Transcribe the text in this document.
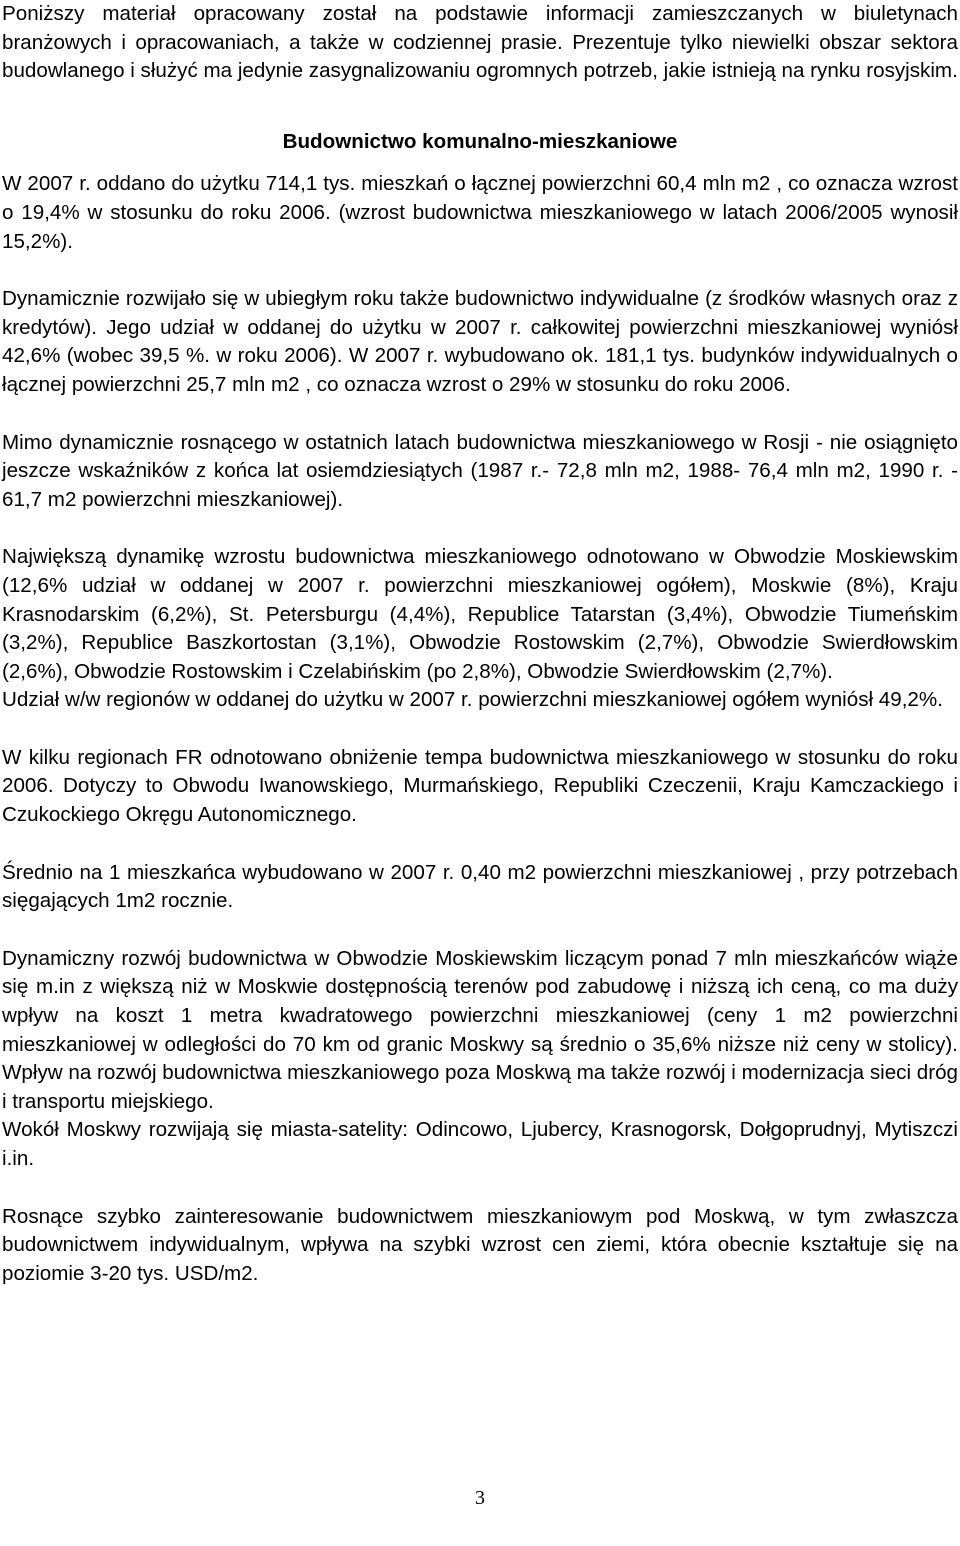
Poniższy materiał opracowany został na podstawie informacji zamieszczanych w biuletynach branżowych i opracowaniach, a także w codziennej prasie. Prezentuje tylko niewielki obszar sektora budowlanego i służyć ma jedynie zasygnalizowaniu ogromnych potrzeb, jakie istnieją na rynku rosyjskim.

Budownictwo komunalno-mieszkaniowe

W 2007 r. oddano do użytku 714,1 tys. mieszkań o łącznej powierzchni 60,4 mln m2 , co oznacza wzrost o 19,4% w stosunku do roku 2006. (wzrost budownictwa mieszkaniowego w latach 2006/2005 wynosił 15,2%).

Dynamicznie rozwijało się w ubiegłym roku także budownictwo indywidualne (z środków własnych oraz z kredytów). Jego udział w oddanej do użytku w 2007 r. całkowitej powierzchni mieszkaniowej wyniósł 42,6% (wobec 39,5 %. w roku 2006). W 2007 r. wybudowano ok. 181,1 tys. budynków indywidualnych o łącznej powierzchni 25,7 mln m2 , co oznacza wzrost o 29% w stosunku do roku 2006.

Mimo dynamicznie rosnącego w ostatnich latach budownictwa mieszkaniowego w Rosji - nie osiągnięto jeszcze wskaźników z końca lat osiemdziesiątych (1987 r.- 72,8 mln m2, 1988- 76,4 mln m2, 1990 r. - 61,7 m2 powierzchni mieszkaniowej).

Największą dynamikę wzrostu budownictwa mieszkaniowego odnotowano w Obwodzie Moskiewskim (12,6% udział w oddanej w 2007 r. powierzchni mieszkaniowej ogółem), Moskwie (8%), Kraju Krasnodarskim (6,2%), St. Petersburgu (4,4%), Republice Tatarstan (3,4%), Obwodzie Tiumeńskim (3,2%), Republice Baszkortostan (3,1%), Obwodzie Rostowskim (2,7%), Obwodzie Swierdłowskim (2,6%), Obwodzie Rostowskim i Czelabińskim (po 2,8%), Obwodzie Swierdłowskim (2,7%).

Udział w/w regionów w oddanej do użytku w 2007 r. powierzchni mieszkaniowej ogółem wyniósł 49,2%.

W kilku regionach FR odnotowano obniżenie tempa budownictwa mieszkaniowego w stosunku do roku 2006. Dotyczy to Obwodu Iwanowskiego, Murmańskiego, Republiki Czeczenii, Kraju Kamczackiego i Czukockiego Okręgu Autonomicznego.

Średnio na 1 mieszkańca wybudowano w 2007 r. 0,40 m2 powierzchni mieszkaniowej , przy potrzebach sięgających 1m2 rocznie.

Dynamiczny rozwój budownictwa w Obwodzie Moskiewskim liczącym ponad 7 mln mieszkańców wiąże się m.in z większą niż w Moskwie dostępnością terenów pod zabudowę i niższą ich ceną, co ma duży wpływ na koszt 1 metra kwadratowego powierzchni mieszkaniowej (ceny 1 m2 powierzchni mieszkaniowej w odległości do 70 km od granic Moskwy są średnio o 35,6% niższe niż ceny w stolicy). Wpływ na rozwój budownictwa mieszkaniowego poza Moskwą ma także rozwój i modernizacja sieci dróg i transportu miejskiego.

Wokół Moskwy rozwijają się miasta-satelity: Odincowo, Ljubercy, Krasnogorsk, Dołgoprudnyj, Mytiszczi i.in.

Rosnące szybko zainteresowanie budownictwem mieszkaniowym pod Moskwą, w tym zwłaszcza budownictwem indywidualnym, wpływa na szybki wzrost cen ziemi, która obecnie kształtuje się na poziomie 3-20 tys. USD/m2.

3
